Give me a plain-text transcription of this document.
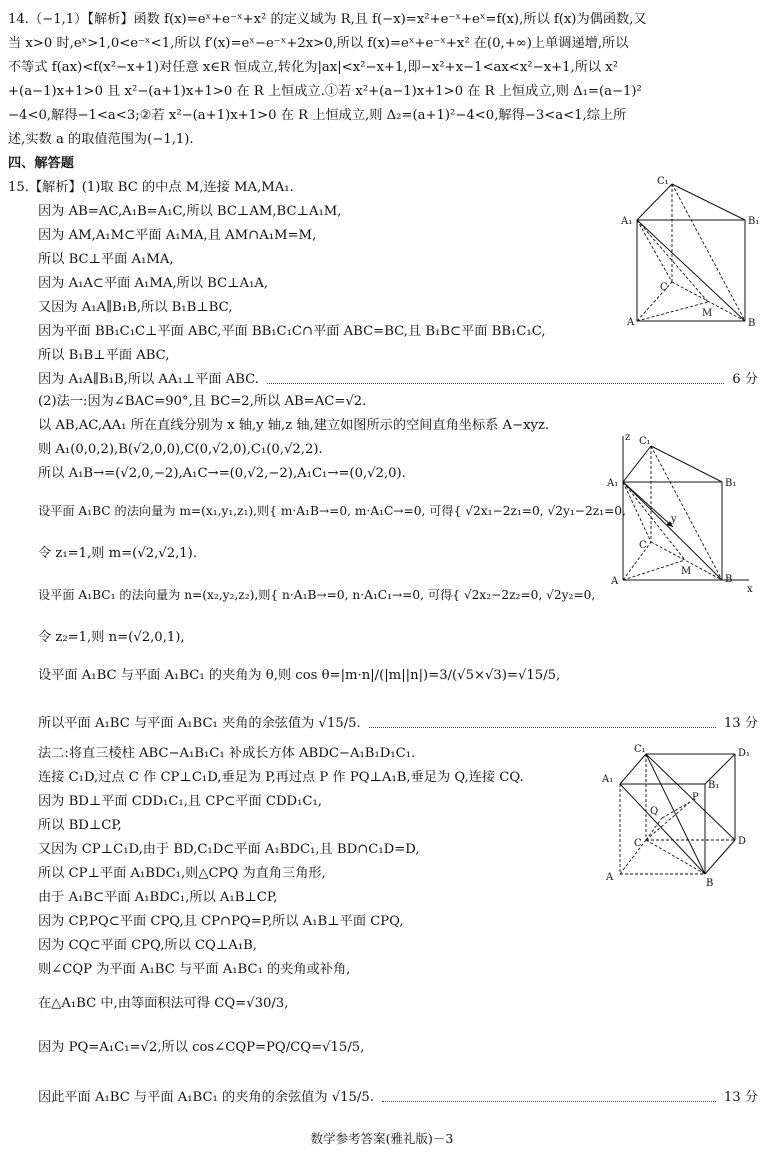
14.（−1,1）【解析】函数 f(x)=eˣ+e⁻ˣ+x² 的定义域为 R,且 f(−x)=x²+e⁻ˣ+eˣ=f(x),所以 f(x)为偶函数,又
当 x>0 时,eˣ>1,0<e⁻ˣ<1,所以 f′(x)=eˣ−e⁻ˣ+2x>0,所以 f(x)=eˣ+e⁻ˣ+x² 在(0,+∞)上单调递增,所以
不等式 f(ax)<f(x²−x+1)对任意 x∈R 恒成立,转化为|ax|<x²−x+1,即−x²+x−1<ax<x²−x+1,所以 x²
+(a−1)x+1>0 且 x²−(a+1)x+1>0 在 R 上恒成立.①若 x²+(a−1)x+1>0 在 R 上恒成立,则 Δ₁=(a−1)²
−4<0,解得−1<a<3;②若 x²−(a+1)x+1>0 在 R 上恒成立,则 Δ₂=(a+1)²−4<0,解得−3<a<1,综上所
述,实数 a 的取值范围为(−1,1).
四、解答题
15.【解析】(1)取 BC 的中点 M,连接 MA,MA₁.
因为 AB=AC,A₁B=A₁C,所以 BC⊥AM,BC⊥A₁M,
因为 AM,A₁M⊂平面 A₁MA,且 AM∩A₁M=M,
所以 BC⊥平面 A₁MA,
因为 A₁A⊂平面 A₁MA,所以 BC⊥A₁A,
又因为 A₁A∥B₁B,所以 B₁B⊥BC,
因为平面 BB₁C₁C⊥平面 ABC,平面 BB₁C₁C∩平面 ABC=BC,且 B₁B⊂平面 BB₁C₁C,
所以 B₁B⊥平面 ABC,
因为 A₁A∥B₁B,所以 AA₁⊥平面 ABC.	6 分
C₁
A₁	B₁
C
A
M
B
(2)法一:因为∠BAC=90°,且 BC=2,所以 AB=AC=√2.
以 AB,AC,AA₁ 所在直线分别为 x 轴,y 轴,z 轴,建立如图所示的空间直角坐标系 A−xyz.
则 A₁(0,0,2),B(√2,0,0),C(0,√2,0),C₁(0,√2,2).
所以 A₁B→=(√2,0,−2),A₁C→=(0,√2,−2),A₁C₁→=(0,√2,0).
设平面 A₁BC 的法向量为 m=(x₁,y₁,z₁),则{ m·A₁B→=0, m·A₁C→=0, 可得{ √2x₁−2z₁=0, √2y₁−2z₁=0,
令 z₁=1,则 m=(√2,√2,1).
设平面 A₁BC₁ 的法向量为 n=(x₂,y₂,z₂),则{ n·A₁B→=0, n·A₁C₁→=0, 可得{ √2x₂−2z₂=0, √2y₂=0,
令 z₂=1,则 n=(√2,0,1),
设平面 A₁BC 与平面 A₁BC₁ 的夹角为 θ,则 cos θ=|m·n|/(|m||n|)=3/(√5×√3)=√15/5,
所以平面 A₁BC 与平面 A₁BC₁ 夹角的余弦值为 √15/5.	13 分
z C₁
A₁	B₁
y
C
A
M
B
x
法二:将直三棱柱 ABC−A₁B₁C₁ 补成长方体 ABDC−A₁B₁D₁C₁.
连接 C₁D,过点 C 作 CP⊥C₁D,垂足为 P,再过点 P 作 PQ⊥A₁B,垂足为 Q,连接 CQ.
因为 BD⊥平面 CDD₁C₁,且 CP⊂平面 CDD₁C₁,
所以 BD⊥CP,
又因为 CP⊥C₁D,由于 BD,C₁D⊂平面 A₁BDC₁,且 BD∩C₁D=D,
所以 CP⊥平面 A₁BDC₁,则△CPQ 为直角三角形,
由于 A₁B⊂平面 A₁BDC₁,所以 A₁B⊥CP,
因为 CP,PQ⊂平面 CPQ,且 CP∩PQ=P,所以 A₁B⊥平面 CPQ,
因为 CQ⊂平面 CPQ,所以 CQ⊥A₁B,
则∠CQP 为平面 A₁BC 与平面 A₁BC₁ 的夹角或补角,
在△A₁BC 中,由等面积法可得 CQ=√30/3,
因为 PQ=A₁C₁=√2,所以 cos∠CQP=PQ/CQ=√15/5,
因此平面 A₁BC 与平面 A₁BC₁ 的夹角的余弦值为 √15/5.	13 分
C₁	D₁
A₁
B₁
P
Q
C	D
A
B
数学参考答案(雅礼版)－3
